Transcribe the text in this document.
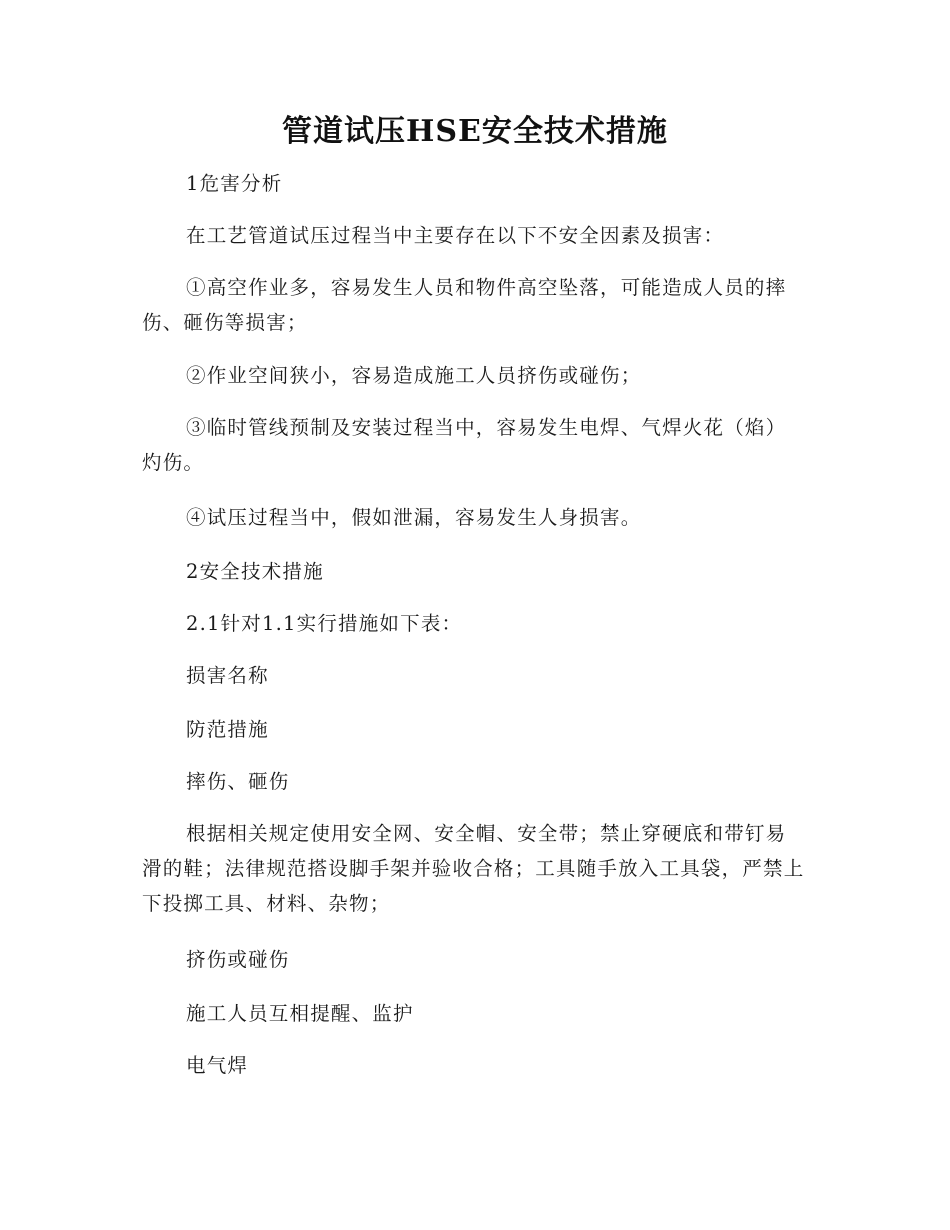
管道试压HSE安全技术措施

1危害分析

在工艺管道试压过程当中主要存在以下不安全因素及损害：

①高空作业多，容易发生人员和物件高空坠落，可能造成人员的摔伤、砸伤等损害；

②作业空间狭小，容易造成施工人员挤伤或碰伤；

③临时管线预制及安装过程当中，容易发生电焊、气焊火花（焰）灼伤。

④试压过程当中，假如泄漏，容易发生人身损害。

2安全技术措施

2.1针对1.1实行措施如下表：

损害名称

防范措施

摔伤、砸伤

根据相关规定使用安全网、安全帽、安全带；禁止穿硬底和带钉易滑的鞋；法律规范搭设脚手架并验收合格；工具随手放入工具袋，严禁上下投掷工具、材料、杂物；

挤伤或碰伤

施工人员互相提醒、监护

电气焊
